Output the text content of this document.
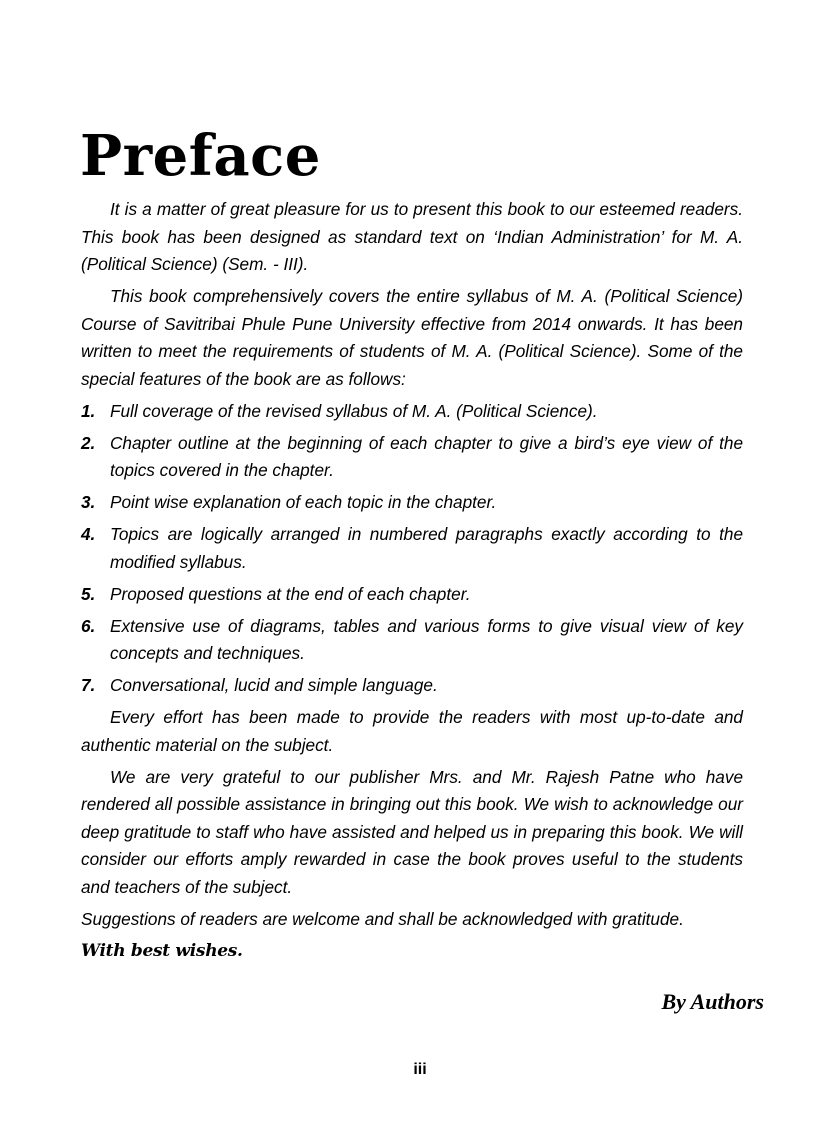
Preface

It is a matter of great pleasure for us to present this book to our esteemed readers. This book has been designed as standard text on ‘Indian Administration’ for M. A. (Political Science) (Sem. - III).

This book comprehensively covers the entire syllabus of M. A. (Political Science) Course of Savitribai Phule Pune University effective from 2014 onwards. It has been written to meet the requirements of students of M. A. (Political Science). Some of the special features of the book are as follows:

1. Full coverage of the revised syllabus of M. A. (Political Science).
2. Chapter outline at the beginning of each chapter to give a bird’s eye view of the topics covered in the chapter.
3. Point wise explanation of each topic in the chapter.
4. Topics are logically arranged in numbered paragraphs exactly according to the modified syllabus.
5. Proposed questions at the end of each chapter.
6. Extensive use of diagrams, tables and various forms to give visual view of key concepts and techniques.
7. Conversational, lucid and simple language.

Every effort has been made to provide the readers with most up-to-date and authentic material on the subject.

We are very grateful to our publisher Mrs. and Mr. Rajesh Patne who have rendered all possible assistance in bringing out this book. We wish to acknowledge our deep gratitude to staff who have assisted and helped us in preparing this book. We will consider our efforts amply rewarded in case the book proves useful to the students and teachers of the subject.

Suggestions of readers are welcome and shall be acknowledged with gratitude.

With best wishes.

By Authors

iii
